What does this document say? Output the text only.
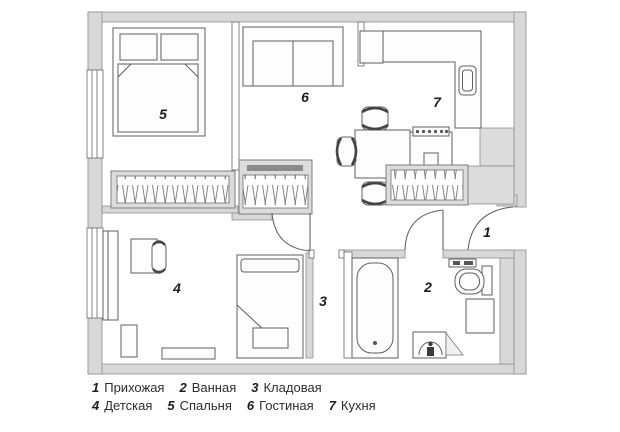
1
2
3
4
5
6	7
1 Прихожая 2 Ванная 3 Кладовая
4 Детская 5 Спальня 6 Гостиная 7 Кухня
